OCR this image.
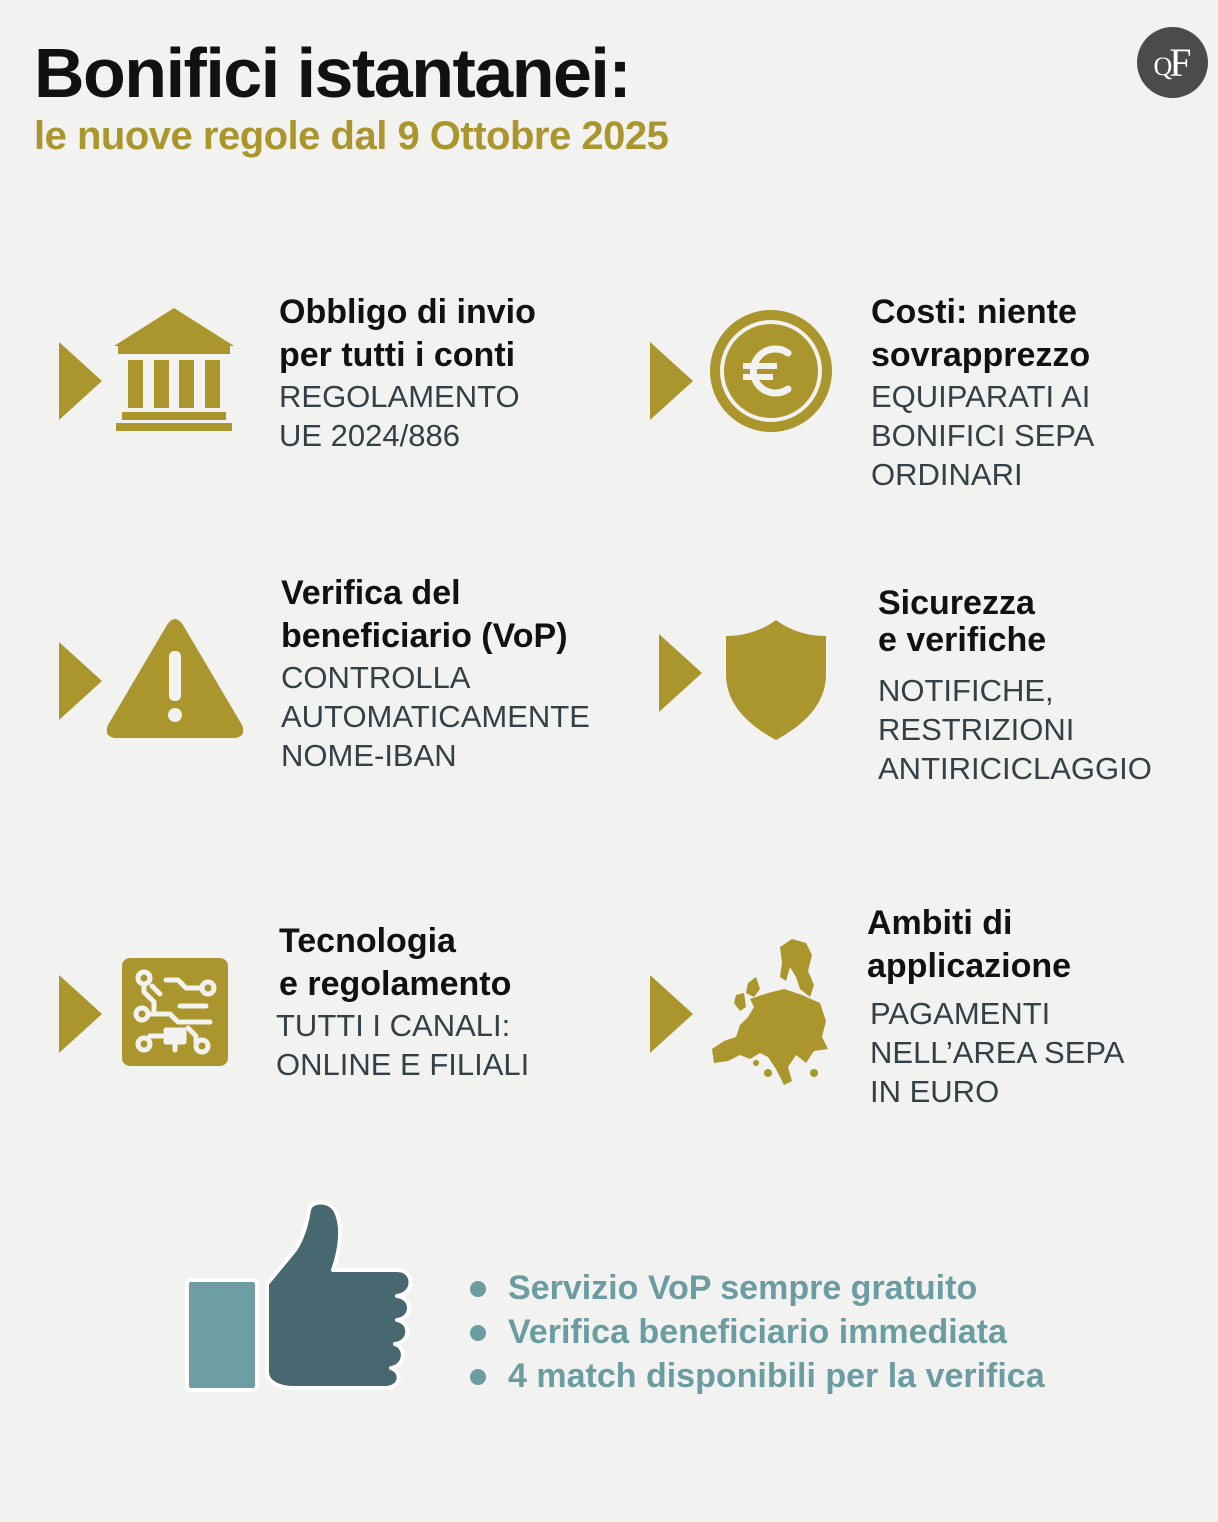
Bonifici istantanei:
le nuove regole dal 9 Ottobre 2025
Q
F
Obbligo di invio
per tutti i conti
REGOLAMENTO
UE 2024/886
Costi: niente
sovrapprezzo
EQUIPARATI AI
BONIFICI SEPA
ORDINARI
Verifica del
beneficiario (VoP)
CONTROLLA
AUTOMATICAMENTE
NOME-IBAN
Sicurezza
e verifiche
NOTIFICHE,
RESTRIZIONI
ANTIRICICLAGGIO
Tecnologia
e regolamento
TUTTI I CANALI:
ONLINE E FILIALI
Ambiti di
applicazione
PAGAMENTI
NELL’AREA SEPA
IN EURO
Servizio VoP sempre gratuito
Verifica beneficiario immediata
4 match disponibili per la verifica
